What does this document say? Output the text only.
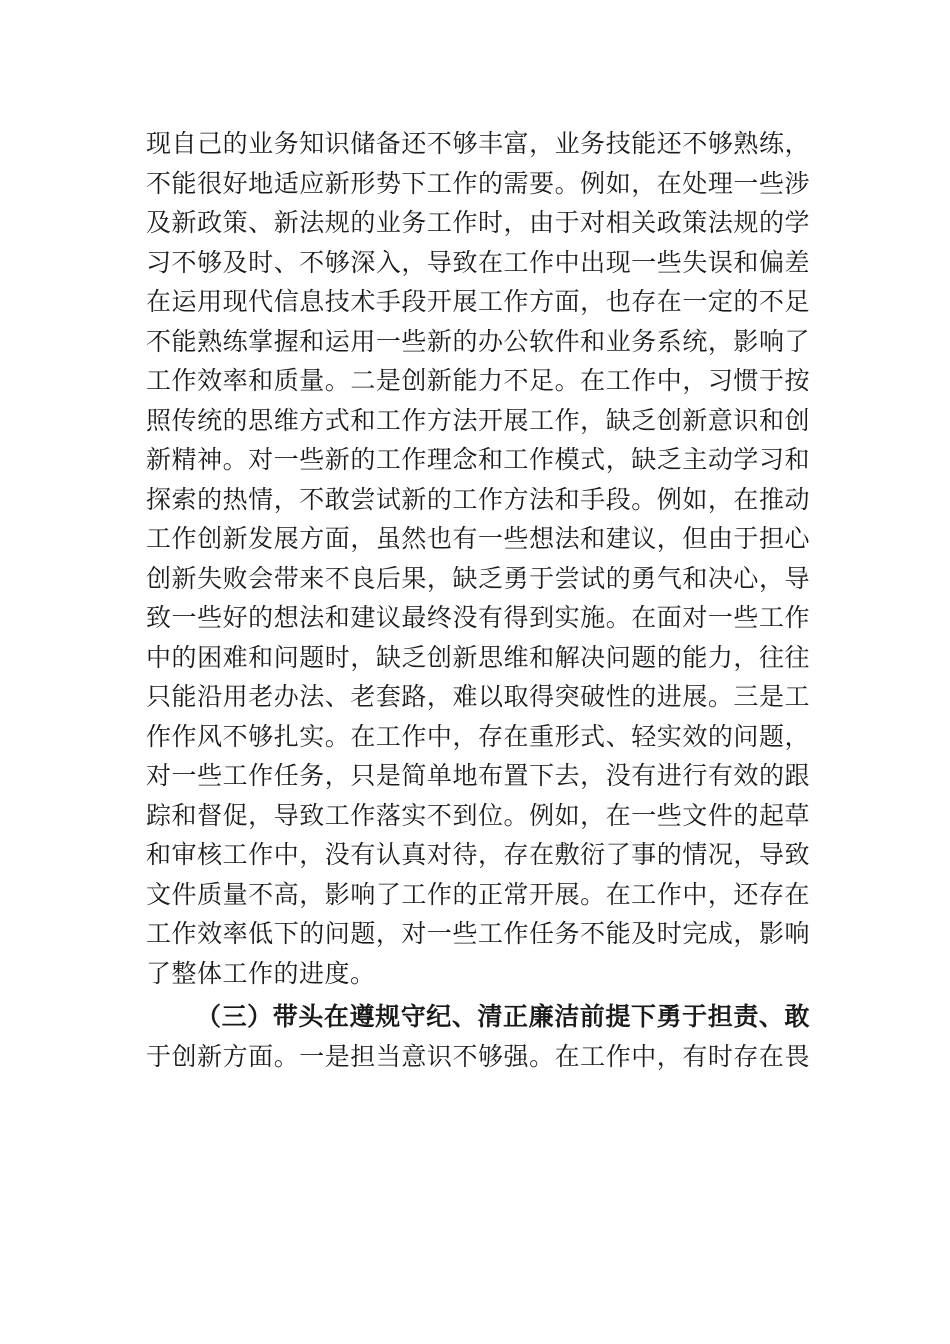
现自己的业务知识储备还不够丰富，业务技能还不够熟练，
不能很好地适应新形势下工作的需要。例如，在处理一些涉
及新政策、新法规的业务工作时，由于对相关政策法规的学
习不够及时、不够深入，导致在工作中出现一些失误和偏差
在运用现代信息技术手段开展工作方面，也存在一定的不足
不能熟练掌握和运用一些新的办公软件和业务系统，影响了
工作效率和质量。二是创新能力不足。在工作中，习惯于按
照传统的思维方式和工作方法开展工作，缺乏创新意识和创
新精神。对一些新的工作理念和工作模式，缺乏主动学习和
探索的热情，不敢尝试新的工作方法和手段。例如，在推动
工作创新发展方面，虽然也有一些想法和建议，但由于担心
创新失败会带来不良后果，缺乏勇于尝试的勇气和决心，导
致一些好的想法和建议最终没有得到实施。在面对一些工作
中的困难和问题时，缺乏创新思维和解决问题的能力，往往
只能沿用老办法、老套路，难以取得突破性的进展。三是工
作作风不够扎实。在工作中，存在重形式、轻实效的问题，
对一些工作任务，只是简单地布置下去，没有进行有效的跟
踪和督促，导致工作落实不到位。例如，在一些文件的起草
和审核工作中，没有认真对待，存在敷衍了事的情况，导致
文件质量不高，影响了工作的正常开展。在工作中，还存在
工作效率低下的问题，对一些工作任务不能及时完成，影响
了整体工作的进度。
（三）带头在遵规守纪、清正廉洁前提下勇于担责、敢
于创新方面。一是担当意识不够强。在工作中，有时存在畏
